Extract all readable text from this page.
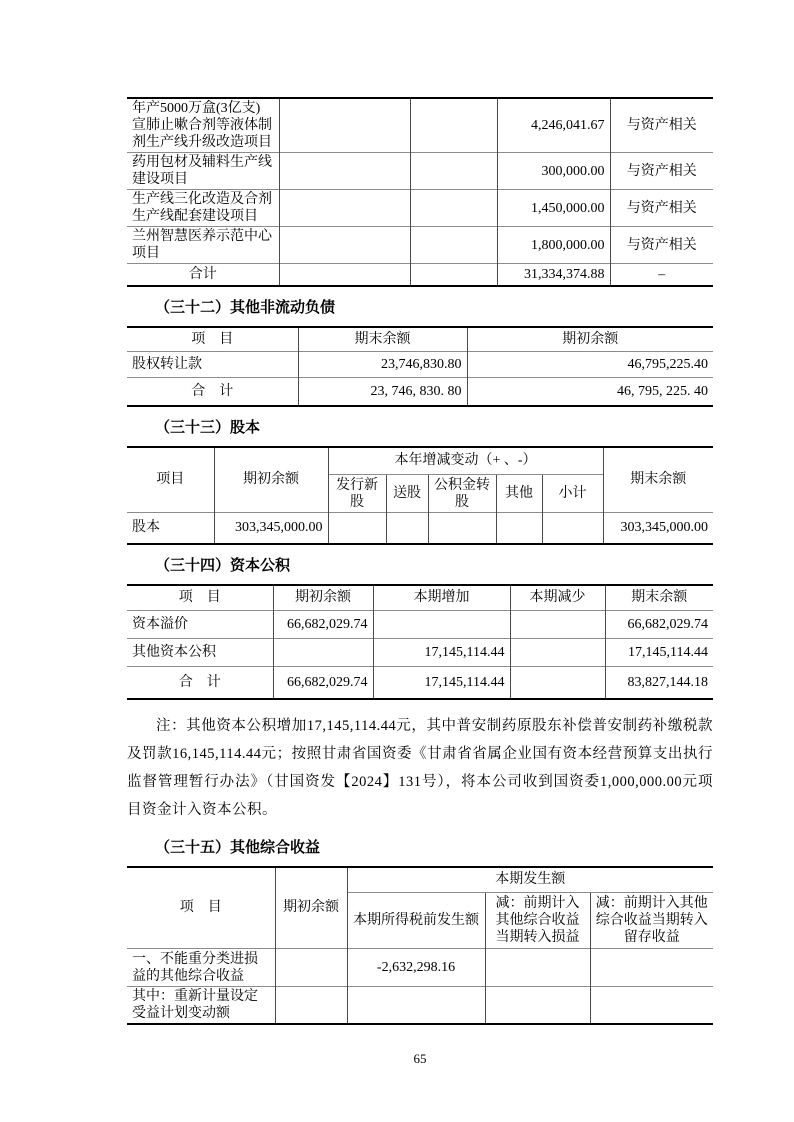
年产5000万盒(3亿支)宣肺止嗽合剂等液体制剂生产线升级改造项目			4,246,041.67	与资产相关
药用包材及辅料生产线建设项目			300,000.00	与资产相关
生产线三化改造及合剂生产线配套建设项目			1,450,000.00	与资产相关
兰州智慧医养示范中心项目			1,800,000.00	与资产相关
合计			31,334,374.88	–
（三十二）其他非流动负债
项　目	期末余额	期初余额
股权转让款	23,746,830.80	46,795,225.40
合　计	23, 746, 830. 80	46, 795, 225. 40
（三十三）股本
项目	期初余额	本年增减变动（+ 、-）					期末余额
		发行新股	送股	公积金转股	其他	小计	
股本	303,345,000.00						303,345,000.00
（三十四）资本公积
项　目	期初余额	本期增加	本期减少	期末余额
资本溢价	66,682,029.74			66,682,029.74
其他资本公积		17,145,114.44		17,145,114.44
合　计	66,682,029.74	17,145,114.44		83,827,144.18

注：其他资本公积增加17,145,114.44元，其中普安制药原股东补偿普安制药补缴税款及罚款16,145,114.44元；按照甘肃省国资委《甘肃省省属企业国有资本经营预算支出执行监督管理暂行办法》（甘国资发【2024】131号），将本公司收到国资委1,000,000.00元项目资金计入资本公积。

（三十五）其他综合收益
项　目	期初余额	本期发生额		
		本期所得税前发生额	减：前期计入其他综合收益当期转入损益	减：前期计入其他综合收益当期转入留存收益
一、不能重分类进损益的其他综合收益		-2,632,298.16		
其中：重新计量设定受益计划变动额				
65
